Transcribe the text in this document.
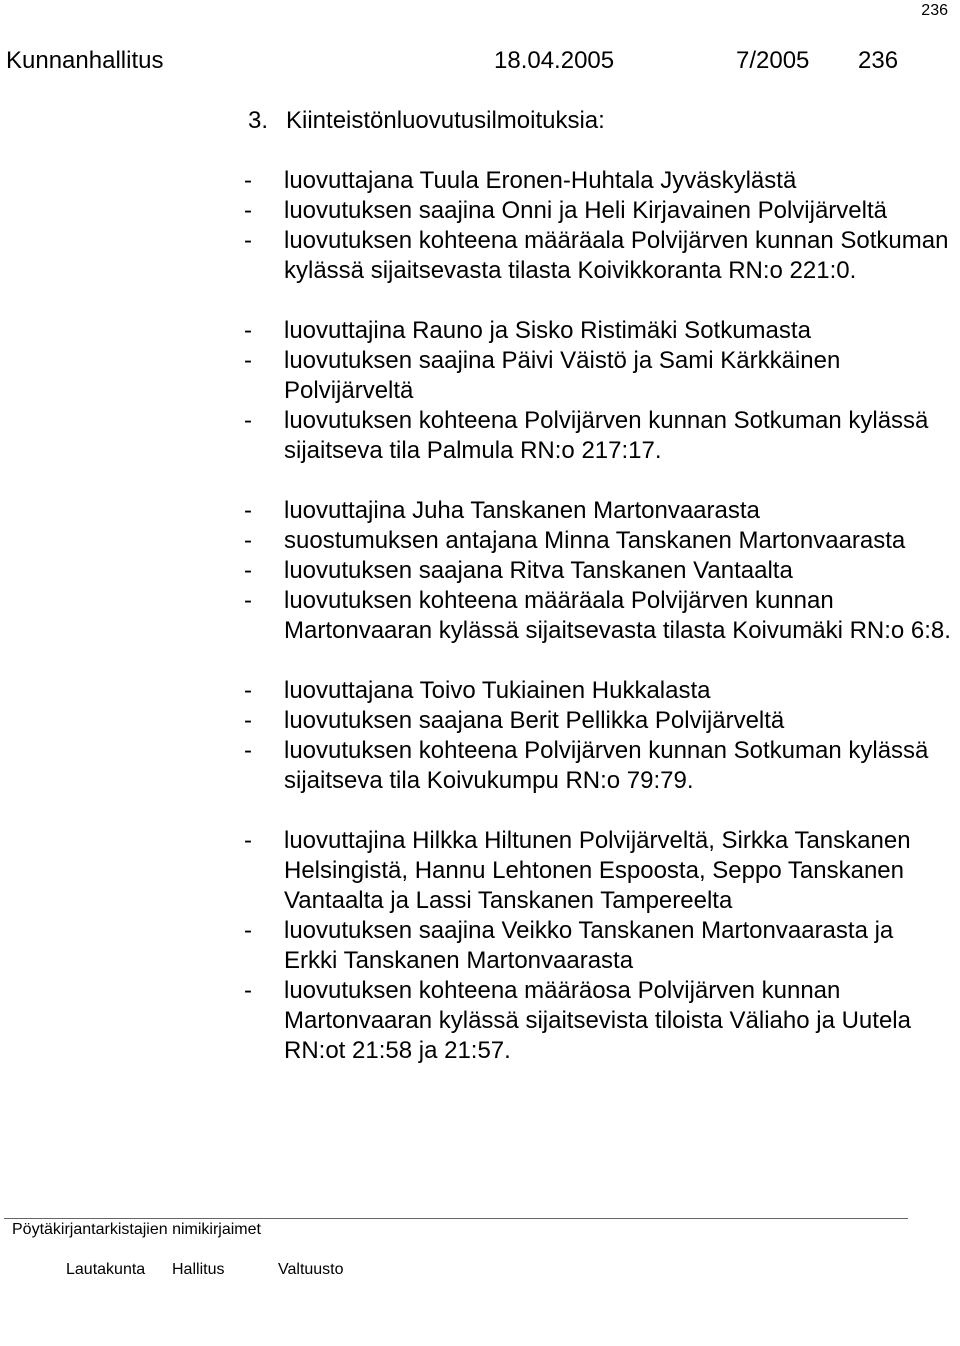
236
Kunnanhallitus	18.04.2005	7/2005 236
3. Kiinteistönluovutusilmoituksia:

-	luovuttajana Tuula Eronen-Huhtala Jyväskylästä

-	luovutuksen saajina Onni ja Heli Kirjavainen Polvijärveltä

-	luovutuksen kohteena määräala Polvijärven kunnan Sotkuman kylässä sijaitsevasta tilasta Koivikkoranta RN:o 221:0.

-	luovuttajina Rauno ja Sisko Ristimäki Sotkumasta

-	luovutuksen saajina Päivi Väistö ja Sami Kärkkäinen Polvijärveltä

-	luovutuksen kohteena Polvijärven kunnan Sotkuman kylässä sijaitseva tila Palmula RN:o 217:17.

-	luovuttajina Juha Tanskanen Martonvaarasta

-	suostumuksen antajana Minna Tanskanen Martonvaarasta

-	luovutuksen saajana Ritva Tanskanen Vantaalta

-	luovutuksen kohteena määräala Polvijärven kunnan Martonvaaran kylässä sijaitsevasta tilasta Koivumäki RN:o 6:8.

-	luovuttajana Toivo Tukiainen Hukkalasta

-	luovutuksen saajana Berit Pellikka Polvijärveltä

-	luovutuksen kohteena Polvijärven kunnan Sotkuman kylässä sijaitseva tila Koivukumpu RN:o 79:79.

-	luovuttajina Hilkka Hiltunen Polvijärveltä, Sirkka Tanskanen Helsingistä, Hannu Lehtonen Espoosta, Seppo Tanskanen Vantaalta ja Lassi Tanskanen Tampereelta

-	luovutuksen saajina Veikko Tanskanen Martonvaarasta ja Erkki Tanskanen Martonvaarasta

-	luovutuksen kohteena määräosa Polvijärven kunnan Martonvaaran kylässä sijaitsevista tiloista Väliaho ja Uutela RN:ot 21:58 ja 21:57.

Pöytäkirjantarkistajien nimikirjaimet
Lautakunta Hallitus	Valtuusto
